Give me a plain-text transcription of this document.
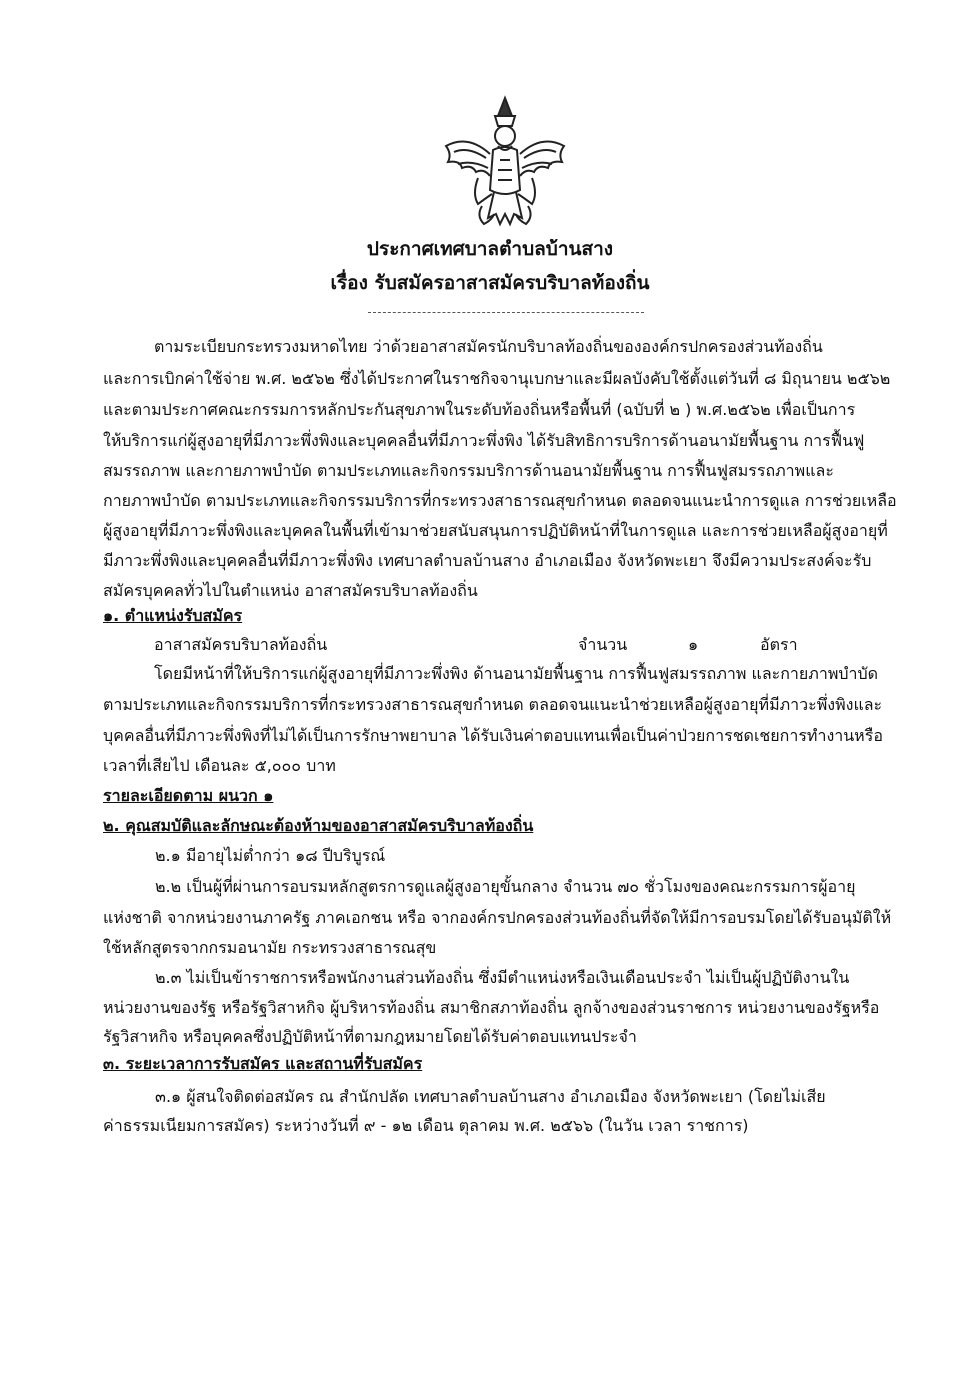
ประกาศเทศบาลตำบลบ้านสาง
เรื่อง รับสมัครอาสาสมัครบริบาลท้องถิ่น
ตามระเบียบกระทรวงมหาดไทย ว่าด้วยอาสาสมัครนักบริบาลท้องถิ่นขององค์กรปกครองส่วนท้องถิ่น
และการเบิกค่าใช้จ่าย พ.ศ. ๒๕๖๒ ซึ่งได้ประกาศในราชกิจจานุเบกษาและมีผลบังคับใช้ตั้งแต่วันที่ ๘ มิถุนายน ๒๕๖๒
และตามประกาศคณะกรรมการหลักประกันสุขภาพในระดับท้องถิ่นหรือพื้นที่ (ฉบับที่ ๒ ) พ.ศ.๒๕๖๒ เพื่อเป็นการ
ให้บริการแก่ผู้สูงอายุที่มีภาวะพึ่งพิงและบุคคลอื่นที่มีภาวะพึ่งพิง ได้รับสิทธิการบริการด้านอนามัยพื้นฐาน การฟื้นฟู
สมรรถภาพ และกายภาพบำบัด ตามประเภทและกิจกรรมบริการด้านอนามัยพื้นฐาน การฟื้นฟูสมรรถภาพและ
กายภาพบำบัด ตามประเภทและกิจกรรมบริการที่กระทรวงสาธารณสุขกำหนด ตลอดจนแนะนำการดูแล การช่วยเหลือ
ผู้สูงอายุที่มีภาวะพึ่งพิงและบุคคลในพื้นที่เข้ามาช่วยสนับสนุนการปฏิบัติหน้าที่ในการดูแล และการช่วยเหลือผู้สูงอายุที่
มีภาวะพึ่งพิงและบุคคลอื่นที่มีภาวะพึ่งพิง เทศบาลตำบลบ้านสาง อำเภอเมือง จังหวัดพะเยา จึงมีความประสงค์จะรับ
สมัครบุคคลทั่วไปในตำแหน่ง อาสาสมัครบริบาลท้องถิ่น
๑. ตำแหน่งรับสมัคร
อาสาสมัครบริบาลท้องถิ่น	จำนวน	๑	อัตรา
โดยมีหน้าที่ให้บริการแก่ผู้สูงอายุที่มีภาวะพึ่งพิง ด้านอนามัยพื้นฐาน การฟื้นฟูสมรรถภาพ และกายภาพบำบัด
ตามประเภทและกิจกรรมบริการที่กระทรวงสาธารณสุขกำหนด ตลอดจนแนะนำช่วยเหลือผู้สูงอายุที่มีภาวะพึ่งพิงและ
บุคคลอื่นที่มีภาวะพึ่งพิงที่ไม่ได้เป็นการรักษาพยาบาล ได้รับเงินค่าตอบแทนเพื่อเป็นค่าป่วยการชดเชยการทำงานหรือ
เวลาที่เสียไป เดือนละ ๕,๐๐๐ บาท
รายละเอียดตาม ผนวก ๑
๒. คุณสมบัติและลักษณะต้องห้ามของอาสาสมัครบริบาลท้องถิ่น
๒.๑ มีอายุไม่ต่ำกว่า ๑๘ ปีบริบูรณ์
๒.๒ เป็นผู้ที่ผ่านการอบรมหลักสูตรการดูแลผู้สูงอายุขั้นกลาง จำนวน ๗๐ ชั่วโมงของคณะกรรมการผู้อายุ
แห่งชาติ จากหน่วยงานภาครัฐ ภาคเอกชน หรือ จากองค์กรปกครองส่วนท้องถิ่นที่จัดให้มีการอบรมโดยได้รับอนุมัติให้
ใช้หลักสูตรจากกรมอนามัย กระทรวงสาธารณสุข
๒.๓ ไม่เป็นข้าราชการหรือพนักงานส่วนท้องถิ่น ซึ่งมีตำแหน่งหรือเงินเดือนประจำ ไม่เป็นผู้ปฏิบัติงานใน
หน่วยงานของรัฐ หรือรัฐวิสาหกิจ ผู้บริหารท้องถิ่น สมาชิกสภาท้องถิ่น ลูกจ้างของส่วนราชการ หน่วยงานของรัฐหรือ
รัฐวิสาหกิจ หรือบุคคลซึ่งปฏิบัติหน้าที่ตามกฎหมายโดยได้รับค่าตอบแทนประจำ
๓. ระยะเวลาการรับสมัคร และสถานที่รับสมัคร
๓.๑ ผู้สนใจติดต่อสมัคร ณ สำนักปลัด เทศบาลตำบลบ้านสาง อำเภอเมือง จังหวัดพะเยา (โดยไม่เสีย
ค่าธรรมเนียมการสมัคร) ระหว่างวันที่ ๙ - ๑๒ เดือน ตุลาคม พ.ศ. ๒๕๖๖ (ในวัน เวลา ราชการ)
